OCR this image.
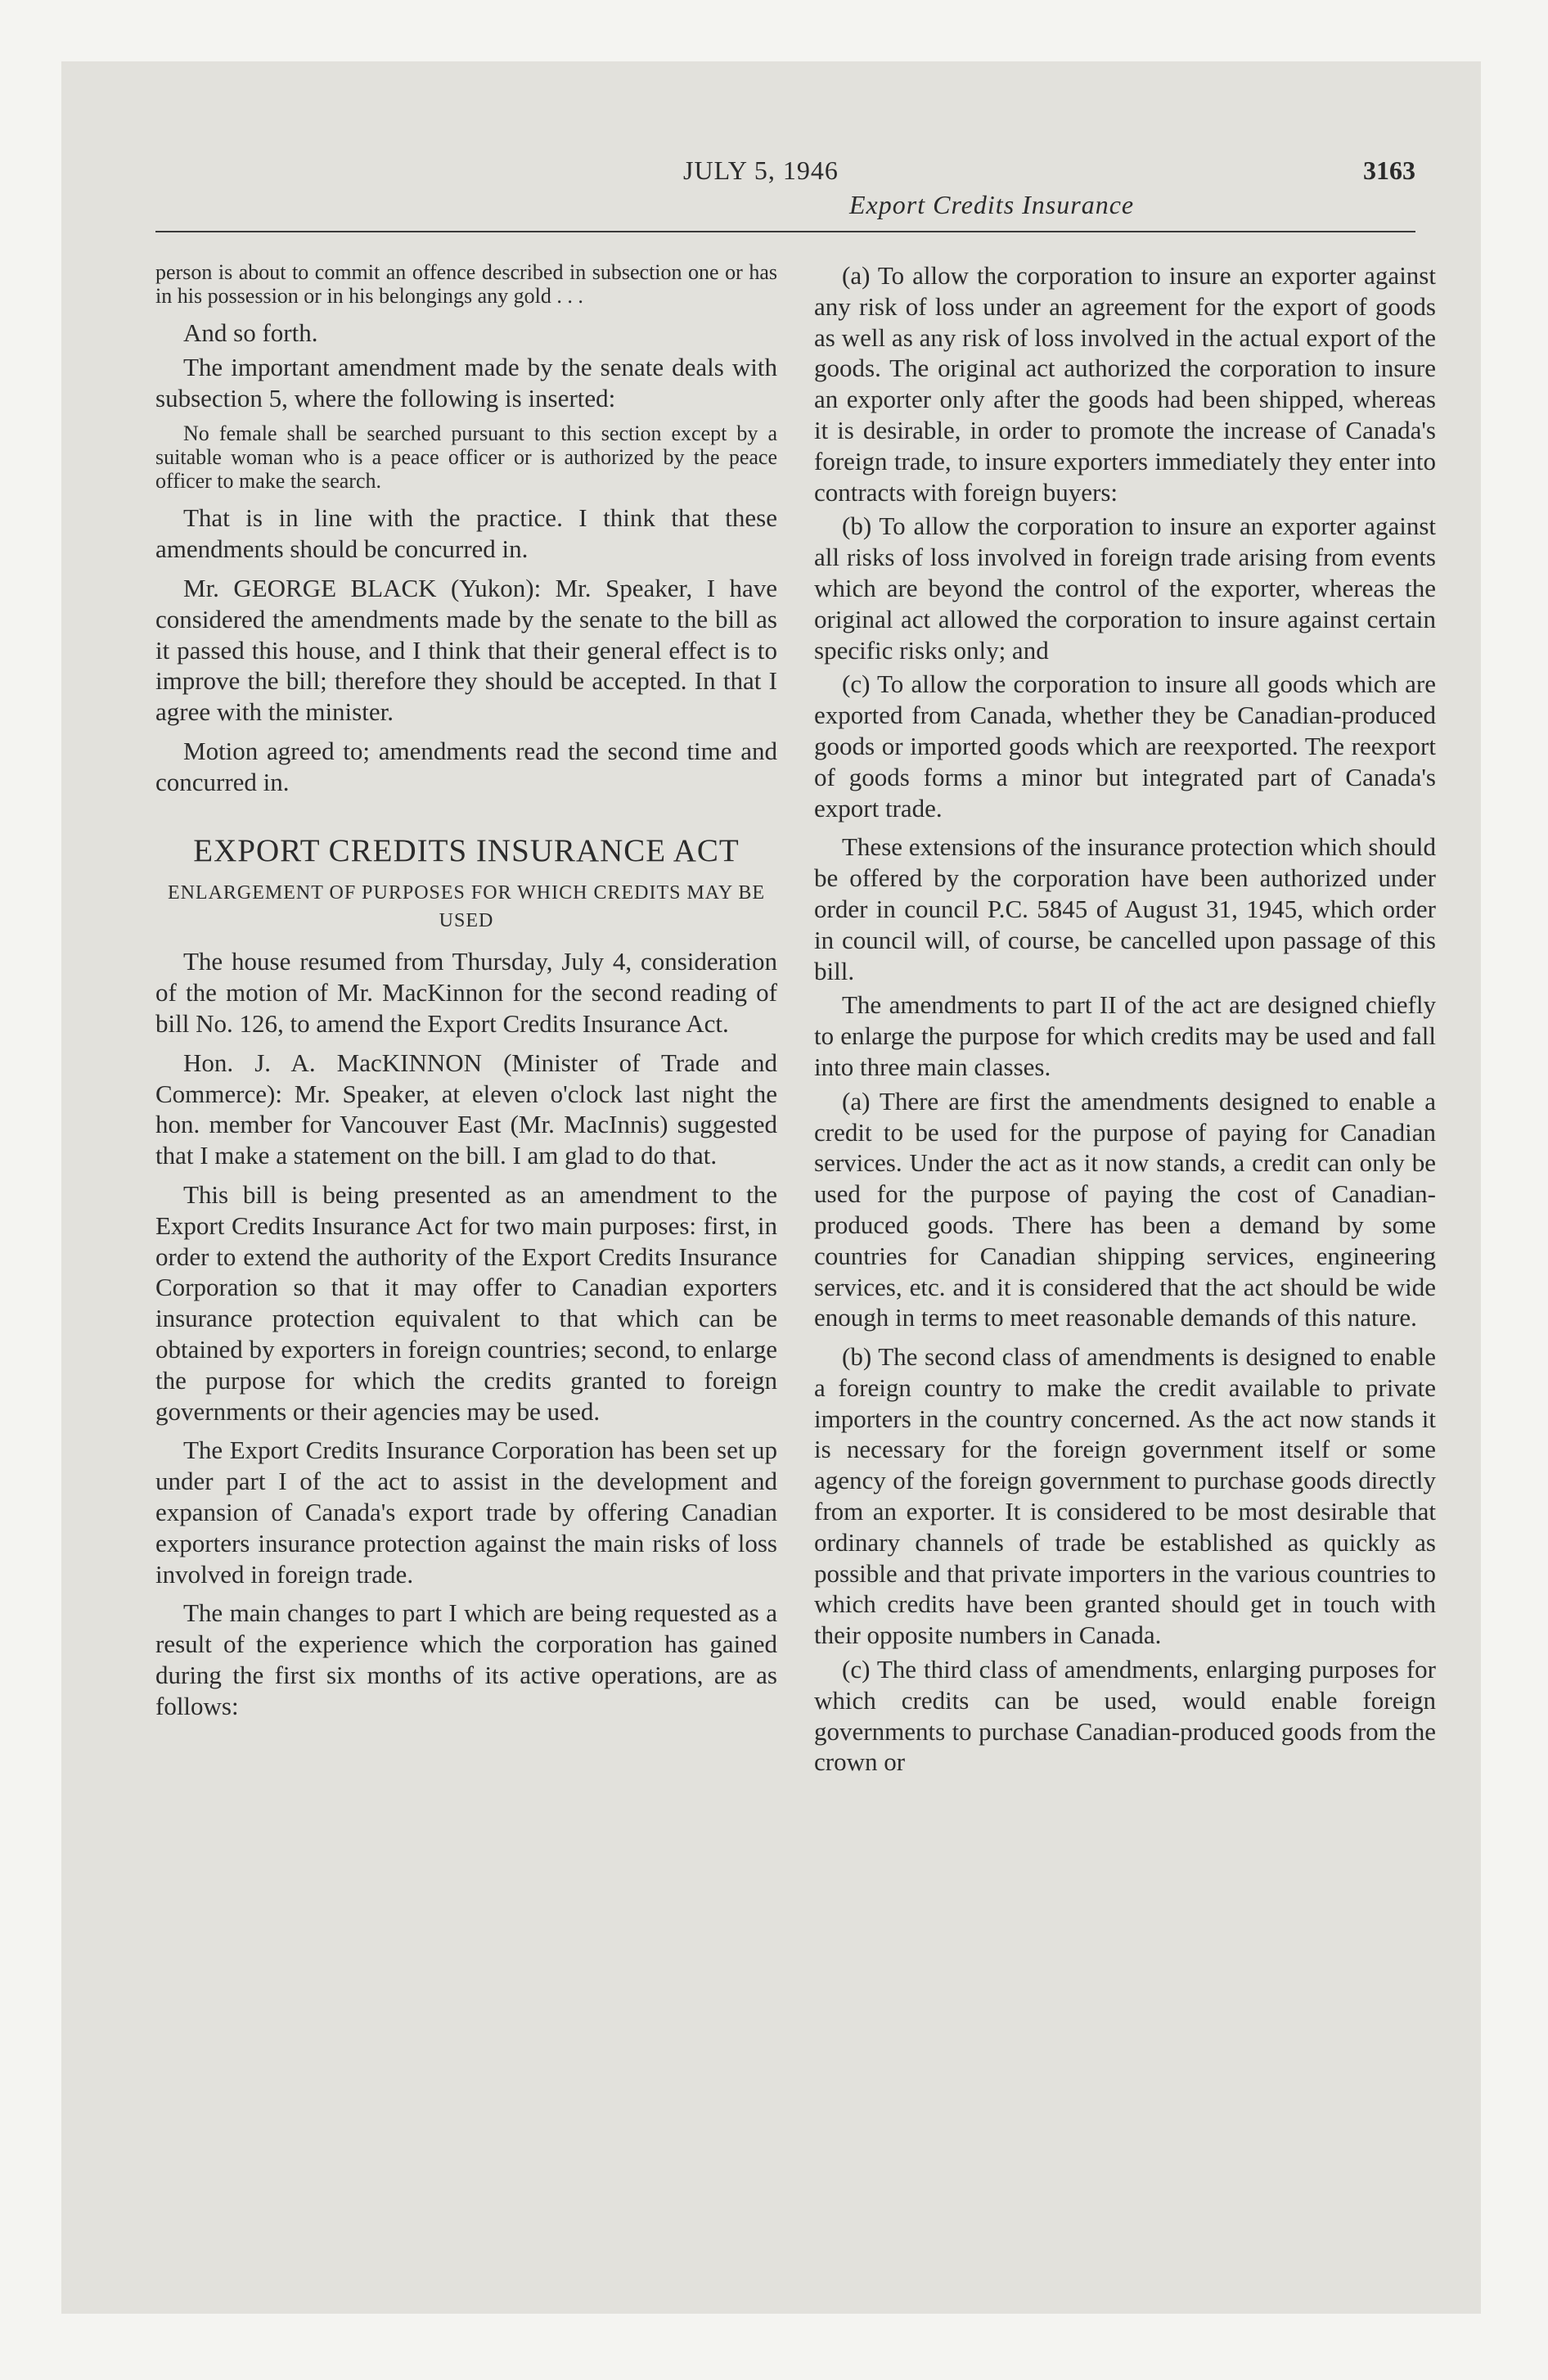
JULY 5, 1946	3163
Export Credits Insurance

person is about to commit an offence described in subsection one or has in his possession or in his belongings any gold . . .

And so forth.

The important amendment made by the senate deals with subsection 5, where the following is inserted:

No female shall be searched pursuant to this section except by a suitable woman who is a peace officer or is authorized by the peace officer to make the search.

That is in line with the practice. I think that these amendments should be concurred in.

Mr. GEORGE BLACK (Yukon): Mr. Speaker, I have considered the amendments made by the senate to the bill as it passed this house, and I think that their general effect is to improve the bill; therefore they should be accepted. In that I agree with the minister.

Motion agreed to; amendments read the second time and concurred in.

EXPORT CREDITS INSURANCE ACT

ENLARGEMENT OF PURPOSES FOR WHICH CREDITS MAY BE USED

The house resumed from Thursday, July 4, consideration of the motion of Mr. MacKinnon for the second reading of bill No. 126, to amend the Export Credits Insurance Act.

Hon. J. A. MacKINNON (Minister of Trade and Commerce): Mr. Speaker, at eleven o'clock last night the hon. member for Vancouver East (Mr. MacInnis) suggested that I make a statement on the bill. I am glad to do that.

This bill is being presented as an amendment to the Export Credits Insurance Act for two main purposes: first, in order to extend the authority of the Export Credits Insurance Corporation so that it may offer to Canadian exporters insurance protection equivalent to that which can be obtained by exporters in foreign countries; second, to enlarge the purpose for which the credits granted to foreign governments or their agencies may be used.

The Export Credits Insurance Corporation has been set up under part I of the act to assist in the development and expansion of Canada's export trade by offering Canadian exporters insurance protection against the main risks of loss involved in foreign trade.

The main changes to part I which are being requested as a result of the experience which the corporation has gained during the first six months of its active operations, are as follows:

(a) To allow the corporation to insure an exporter against any risk of loss under an agreement for the export of goods as well as any risk of loss involved in the actual export of the goods. The original act authorized the corporation to insure an exporter only after the goods had been shipped, whereas it is desirable, in order to promote the increase of Canada's foreign trade, to insure exporters immediately they enter into contracts with foreign buyers:

(b) To allow the corporation to insure an exporter against all risks of loss involved in foreign trade arising from events which are beyond the control of the exporter, whereas the original act allowed the corporation to insure against certain specific risks only; and

(c) To allow the corporation to insure all goods which are exported from Canada, whether they be Canadian-produced goods or imported goods which are reexported. The reexport of goods forms a minor but integrated part of Canada's export trade.

These extensions of the insurance protection which should be offered by the corporation have been authorized under order in council P.C. 5845 of August 31, 1945, which order in council will, of course, be cancelled upon passage of this bill.

The amendments to part II of the act are designed chiefly to enlarge the purpose for which credits may be used and fall into three main classes.

(a) There are first the amendments designed to enable a credit to be used for the purpose of paying for Canadian services. Under the act as it now stands, a credit can only be used for the purpose of paying the cost of Canadian-produced goods. There has been a demand by some countries for Canadian shipping services, engineering services, etc. and it is considered that the act should be wide enough in terms to meet reasonable demands of this nature.

(b) The second class of amendments is designed to enable a foreign country to make the credit available to private importers in the country concerned. As the act now stands it is necessary for the foreign government itself or some agency of the foreign government to purchase goods directly from an exporter. It is considered to be most desirable that ordinary channels of trade be established as quickly as possible and that private importers in the various countries to which credits have been granted should get in touch with their opposite numbers in Canada.

(c) The third class of amendments, enlarging purposes for which credits can be used, would enable foreign governments to purchase Canadian-produced goods from the crown or
